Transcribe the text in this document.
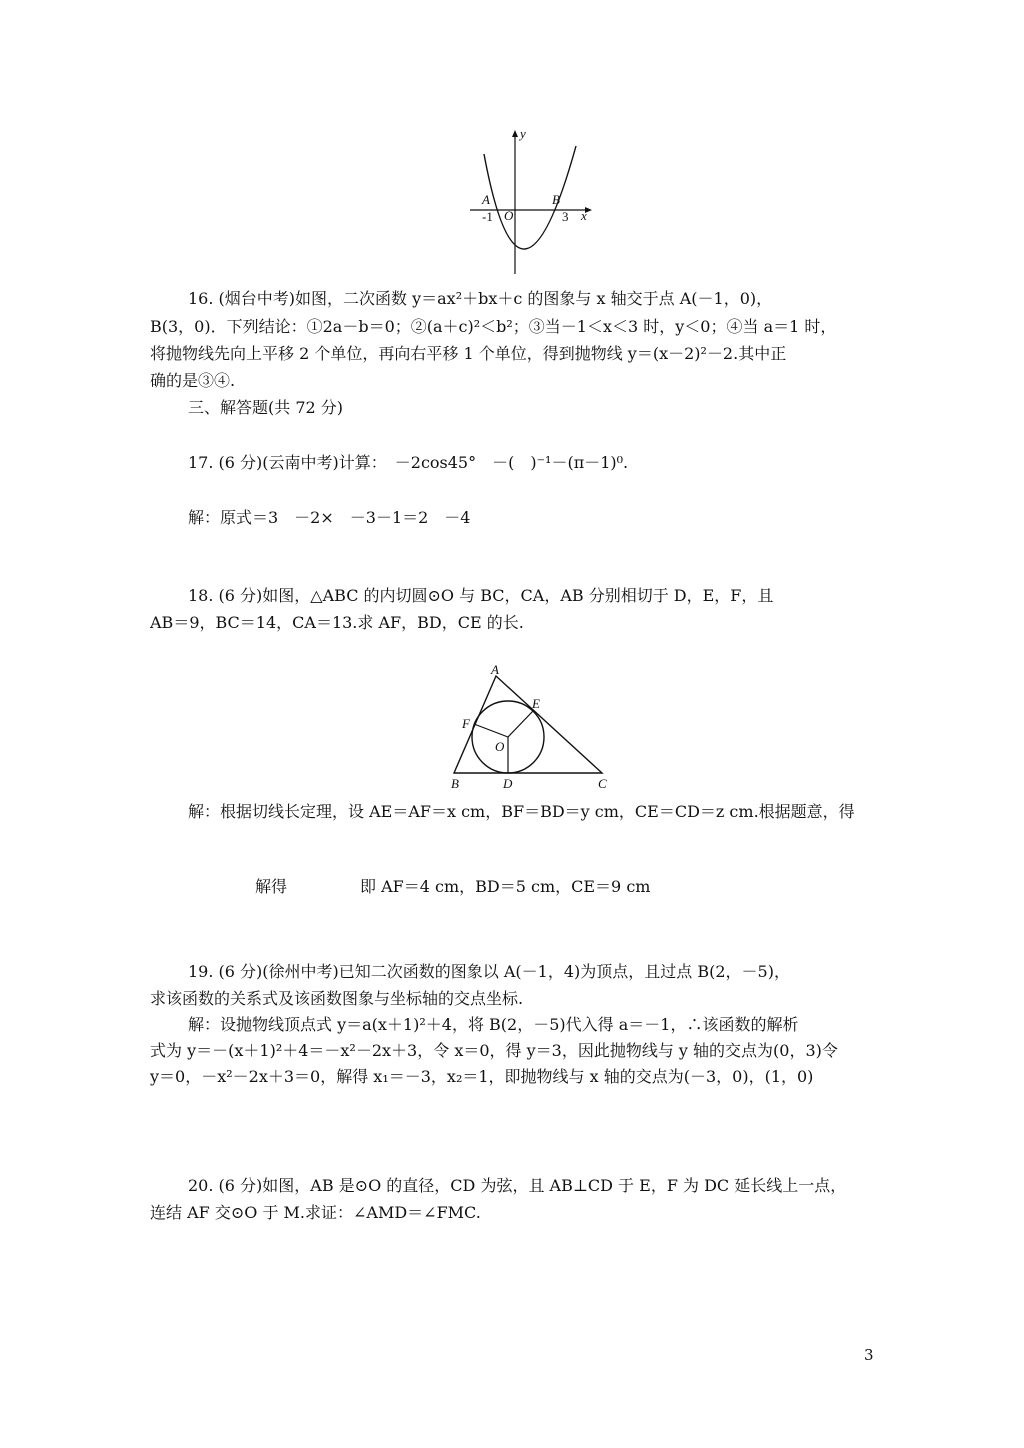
y
x
A	B
O
-1	3
16. (烟台中考)如图，二次函数 y＝ax²＋bx＋c 的图象与 x 轴交于点 A(－1，0)，
B(3，0)．下列结论：①2a－b＝0；②(a＋c)²＜b²；③当－1＜x＜3 时，y＜0；④当 a＝1 时，
将抛物线先向上平移 2 个单位，再向右平移 1 个单位，得到抛物线 y＝(x－2)²－2.其中正
确的是③④.
三、解答题(共 72 分)
17. (6 分)(云南中考)计算：　－2cos45°　－(　)⁻¹－(π－1)⁰.
解：原式＝3　－2×　－3－1＝2　－4
18. (6 分)如图，△ABC 的内切圆⊙O 与 BC，CA，AB 分别相切于 D，E，F，且
AB＝9，BC＝14，CA＝13.求 AF，BD，CE 的长.
A
B	C
D
E
F
O
解：根据切线长定理，设 AE＝AF＝x cm，BF＝BD＝y cm，CE＝CD＝z cm.根据题意，得
解得	即 AF＝4 cm，BD＝5 cm，CE＝9 cm
19. (6 分)(徐州中考)已知二次函数的图象以 A(－1，4)为顶点，且过点 B(2，－5)，
求该函数的关系式及该函数图象与坐标轴的交点坐标.
解：设抛物线顶点式 y＝a(x＋1)²＋4，将 B(2，－5)代入得 a＝－1，∴该函数的解析
式为 y＝－(x＋1)²＋4＝－x²－2x＋3，令 x＝0，得 y＝3，因此抛物线与 y 轴的交点为(0，3)令
y＝0，－x²－2x＋3＝0，解得 x₁＝－3，x₂＝1，即抛物线与 x 轴的交点为(－3，0)，(1，0)
20. (6 分)如图，AB 是⊙O 的直径，CD 为弦，且 AB⊥CD 于 E，F 为 DC 延长线上一点，
连结 AF 交⊙O 于 M.求证：∠AMD＝∠FMC.
3
